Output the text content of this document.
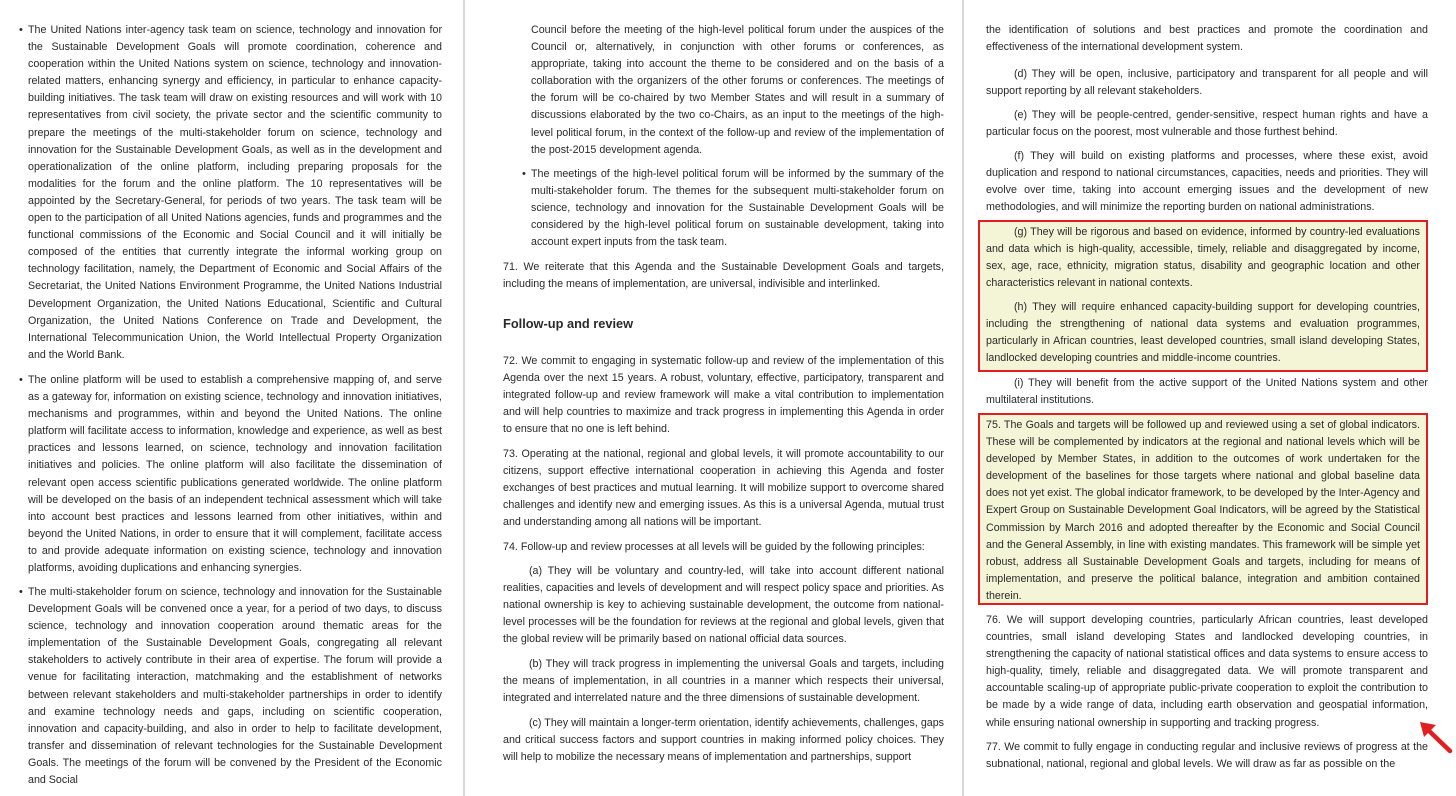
• The United Nations inter-agency task team on science, technology and innovation for the Sustainable Development Goals will promote coordination, coherence and cooperation within the United Nations system on science, technology and innovation-related matters, enhancing synergy and efficiency, in particular to enhance capacity-building initiatives. The task team will draw on existing resources and will work with 10 representatives from civil society, the private sector and the scientific community to prepare the meetings of the multi-stakeholder forum on science, technology and innovation for the Sustainable Development Goals, as well as in the development and operationalization of the online platform, including preparing proposals for the modalities for the forum and the online platform. The 10 representatives will be appointed by the Secretary-General, for periods of two years. The task team will be open to the participation of all United Nations agencies, funds and programmes and the functional commissions of the Economic and Social Council and it will initially be composed of the entities that currently integrate the informal working group on technology facilitation, namely, the Department of Economic and Social Affairs of the Secretariat, the United Nations Environment Programme, the United Nations Industrial Development Organization, the United Nations Educational, Scientific and Cultural Organization, the United Nations Conference on Trade and Development, the International Telecommunication Union, the World Intellectual Property Organization and the World Bank.
• The online platform will be used to establish a comprehensive mapping of, and serve as a gateway for, information on existing science, technology and innovation initiatives, mechanisms and programmes, within and beyond the United Nations. The online platform will facilitate access to information, knowledge and experience, as well as best practices and lessons learned, on science, technology and innovation facilitation initiatives and policies. The online platform will also facilitate the dissemination of relevant open access scientific publications generated worldwide. The online platform will be developed on the basis of an independent technical assessment which will take into account best practices and lessons learned from other initiatives, within and beyond the United Nations, in order to ensure that it will complement, facilitate access to and provide adequate information on existing science, technology and innovation platforms, avoiding duplications and enhancing synergies.
• The multi-stakeholder forum on science, technology and innovation for the Sustainable Development Goals will be convened once a year, for a period of two days, to discuss science, technology and innovation cooperation around thematic areas for the implementation of the Sustainable Development Goals, congregating all relevant stakeholders to actively contribute in their area of expertise. The forum will provide a venue for facilitating interaction, matchmaking and the establishment of networks between relevant stakeholders and multi-stakeholder partnerships in order to identify and examine technology needs and gaps, including on scientific cooperation, innovation and capacity-building, and also in order to help to facilitate development, transfer and dissemination of relevant technologies for the Sustainable Development Goals. The meetings of the forum will be convened by the President of the Economic and Social
Council before the meeting of the high-level political forum under the auspices of the Council or, alternatively, in conjunction with other forums or conferences, as appropriate, taking into account the theme to be considered and on the basis of a collaboration with the organizers of the other forums or conferences. The meetings of the forum will be co-chaired by two Member States and will result in a summary of discussions elaborated by the two co-Chairs, as an input to the meetings of the high-level political forum, in the context of the follow-up and review of the implementation of the post-2015 development agenda.
• The meetings of the high-level political forum will be informed by the summary of the multi-stakeholder forum. The themes for the subsequent multi-stakeholder forum on science, technology and innovation for the Sustainable Development Goals will be considered by the high-level political forum on sustainable development, taking into account expert inputs from the task team.
71. We reiterate that this Agenda and the Sustainable Development Goals and targets, including the means of implementation, are universal, indivisible and interlinked.
Follow-up and review
72. We commit to engaging in systematic follow-up and review of the implementation of this Agenda over the next 15 years. A robust, voluntary, effective, participatory, transparent and integrated follow-up and review framework will make a vital contribution to implementation and will help countries to maximize and track progress in implementing this Agenda in order to ensure that no one is left behind.
73. Operating at the national, regional and global levels, it will promote accountability to our citizens, support effective international cooperation in achieving this Agenda and foster exchanges of best practices and mutual learning. It will mobilize support to overcome shared challenges and identify new and emerging issues. As this is a universal Agenda, mutual trust and understanding among all nations will be important.
74. Follow-up and review processes at all levels will be guided by the following principles:
(a) They will be voluntary and country-led, will take into account different national realities, capacities and levels of development and will respect policy space and priorities. As national ownership is key to achieving sustainable development, the outcome from national-level processes will be the foundation for reviews at the regional and global levels, given that the global review will be primarily based on national official data sources.
(b) They will track progress in implementing the universal Goals and targets, including the means of implementation, in all countries in a manner which respects their universal, integrated and interrelated nature and the three dimensions of sustainable development.
(c) They will maintain a longer-term orientation, identify achievements, challenges, gaps and critical success factors and support countries in making informed policy choices. They will help to mobilize the necessary means of implementation and partnerships, support
the identification of solutions and best practices and promote the coordination and effectiveness of the international development system.
(d) They will be open, inclusive, participatory and transparent for all people and will support reporting by all relevant stakeholders.
(e) They will be people-centred, gender-sensitive, respect human rights and have a particular focus on the poorest, most vulnerable and those furthest behind.
(f) They will build on existing platforms and processes, where these exist, avoid duplication and respond to national circumstances, capacities, needs and priorities. They will evolve over time, taking into account emerging issues and the development of new methodologies, and will minimize the reporting burden on national administrations.
(g) They will be rigorous and based on evidence, informed by country-led evaluations and data which is high-quality, accessible, timely, reliable and disaggregated by income, sex, age, race, ethnicity, migration status, disability and geographic location and other characteristics relevant in national contexts.
(h) They will require enhanced capacity-building support for developing countries, including the strengthening of national data systems and evaluation programmes, particularly in African countries, least developed countries, small island developing States, landlocked developing countries and middle-income countries.
(i) They will benefit from the active support of the United Nations system and other multilateral institutions.
75. The Goals and targets will be followed up and reviewed using a set of global indicators. These will be complemented by indicators at the regional and national levels which will be developed by Member States, in addition to the outcomes of work undertaken for the development of the baselines for those targets where national and global baseline data does not yet exist. The global indicator framework, to be developed by the Inter-Agency and Expert Group on Sustainable Development Goal Indicators, will be agreed by the Statistical Commission by March 2016 and adopted thereafter by the Economic and Social Council and the General Assembly, in line with existing mandates. This framework will be simple yet robust, address all Sustainable Development Goals and targets, including for means of implementation, and preserve the political balance, integration and ambition contained therein.
76. We will support developing countries, particularly African countries, least developed countries, small island developing States and landlocked developing countries, in strengthening the capacity of national statistical offices and data systems to ensure access to high-quality, timely, reliable and disaggregated data. We will promote transparent and accountable scaling-up of appropriate public-private cooperation to exploit the contribution to be made by a wide range of data, including earth observation and geospatial information, while ensuring national ownership in supporting and tracking progress.
77. We commit to fully engage in conducting regular and inclusive reviews of progress at the subnational, national, regional and global levels. We will draw as far as possible on the
